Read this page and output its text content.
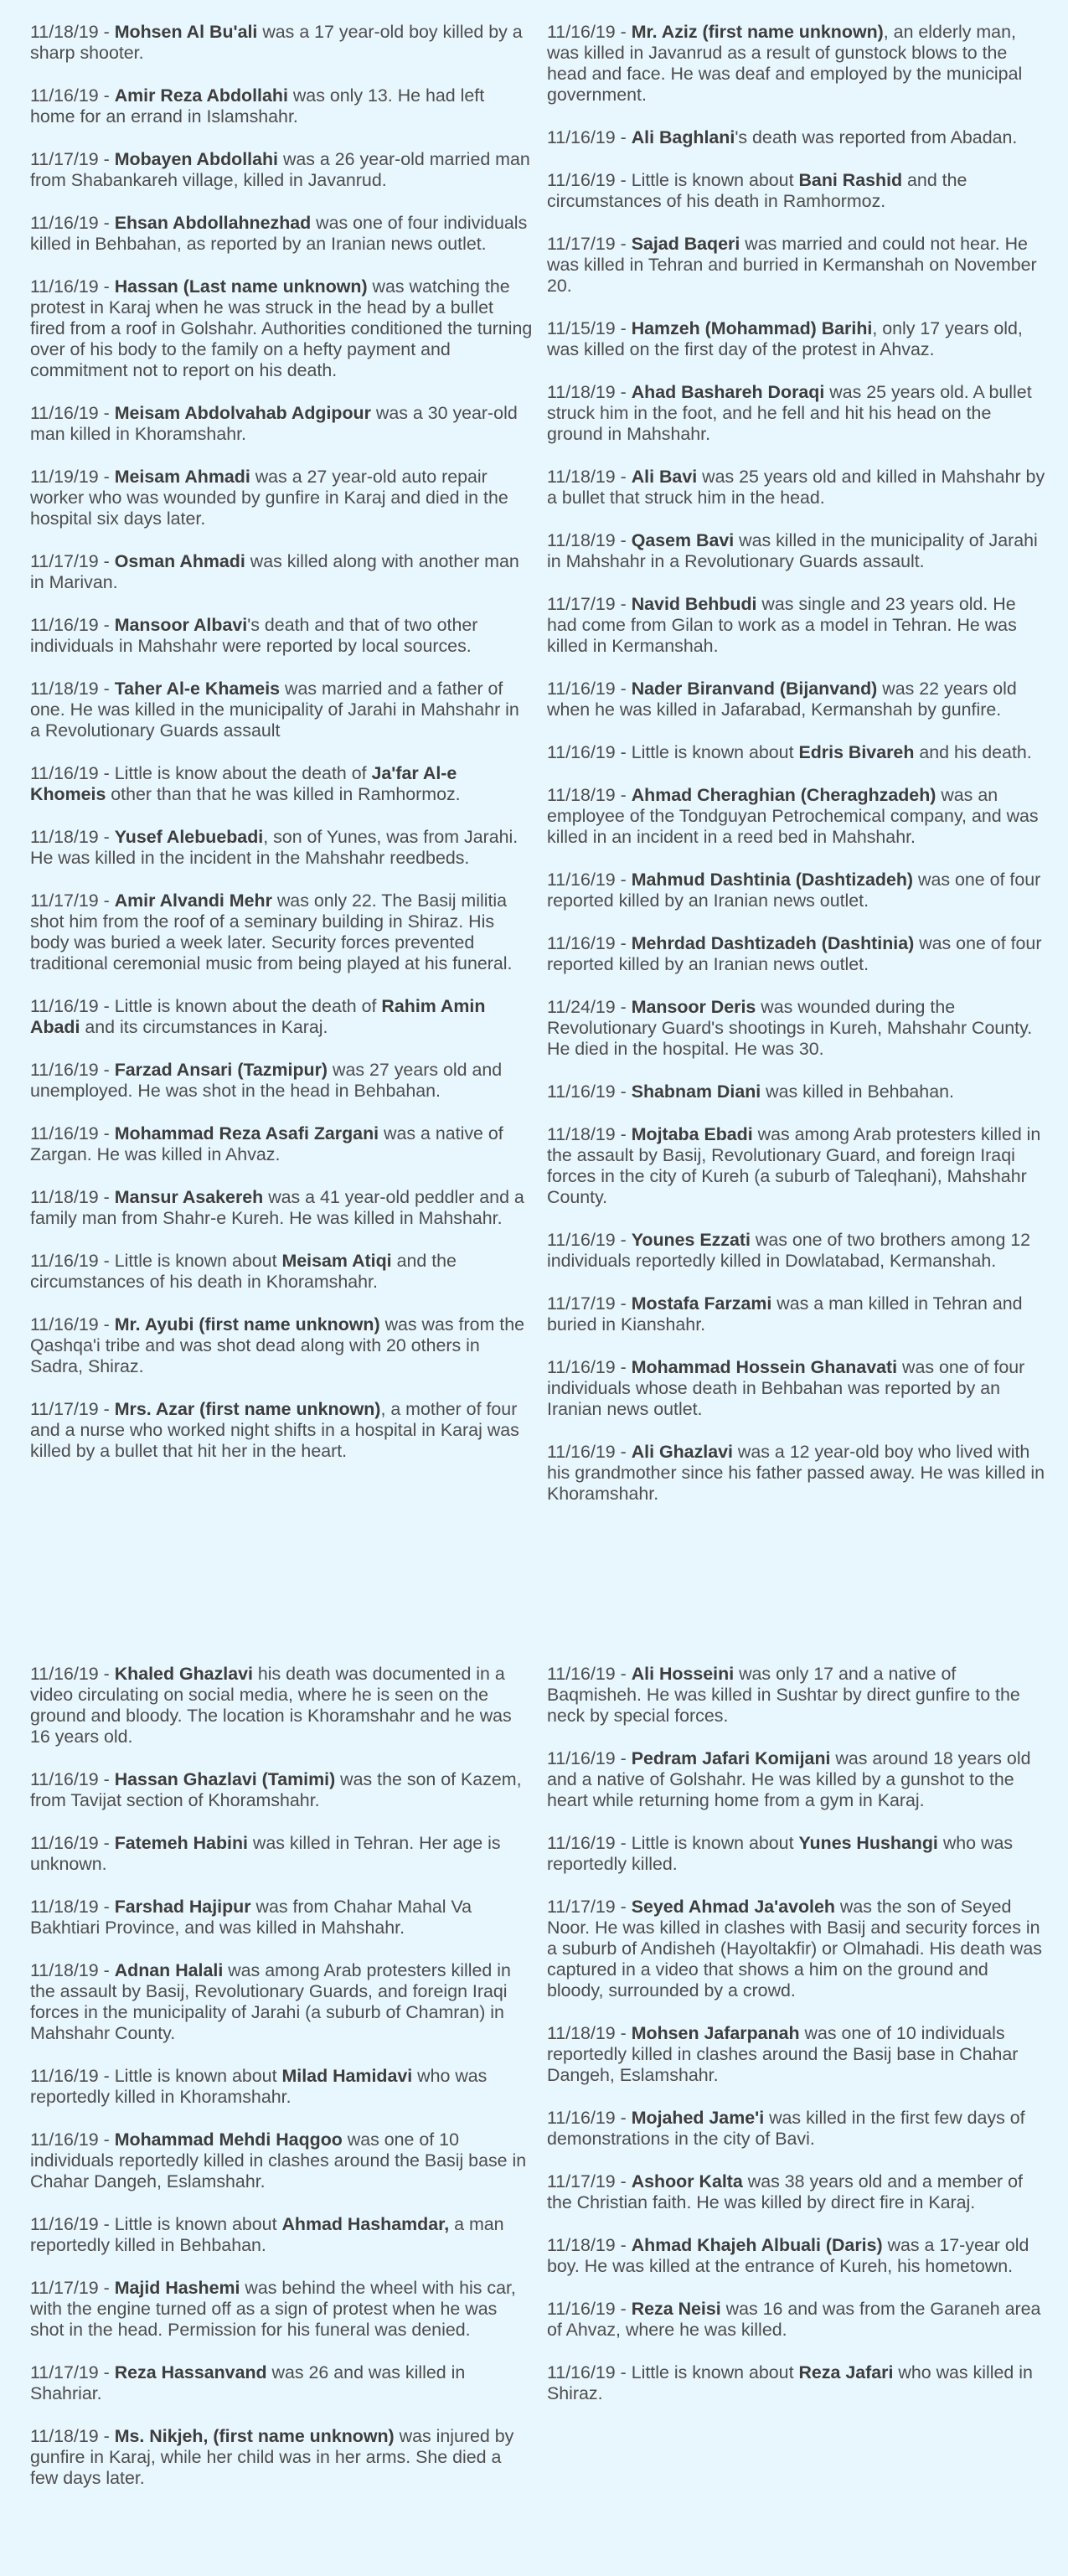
11/18/19 - Mohsen Al Bu'ali was a 17 year-old boy killed by a sharp shooter.

11/16/19 - Amir Reza Abdollahi was only 13. He had left home for an errand in Islamshahr.

11/17/19 - Mobayen Abdollahi was a 26 year-old married man from Shabankareh village, killed in Javanrud.

11/16/19 - Ehsan Abdollahnezhad was one of four individuals killed in Behbahan, as reported by an Iranian news outlet.

11/16/19 - Hassan (Last name unknown) was watching the protest in Karaj when he was struck in the head by a bullet fired from a roof in Golshahr. Authorities conditioned the turning over of his body to the family on a hefty payment and commitment not to report on his death.

11/16/19 - Meisam Abdolvahab Adgipour was a 30 year-old man killed in Khoramshahr.

11/19/19 - Meisam Ahmadi was a 27 year-old auto repair worker who was wounded by gunfire in Karaj and died in the hospital six days later.

11/17/19 - Osman Ahmadi was killed along with another man in Marivan.

11/16/19 - Mansoor Albavi's death and that of two other individuals in Mahshahr were reported by local sources.

11/18/19 - Taher Al-e Khameis was married and a father of one. He was killed in the municipality of Jarahi in Mahshahr in a Revolutionary Guards assault

11/16/19 - Little is know about the death of Ja'far Al-e Khomeis other than that he was killed in Ramhormoz.

11/18/19 - Yusef Alebuebadi, son of Yunes, was from Jarahi. He was killed in the incident in the Mahshahr reedbeds.

11/17/19 - Amir Alvandi Mehr was only 22. The Basij militia shot him from the roof of a seminary building in Shiraz. His body was buried a week later. Security forces prevented traditional ceremonial music from being played at his funeral.

11/16/19 - Little is known about the death of Rahim Amin Abadi and its circumstances in Karaj.

11/16/19 - Farzad Ansari (Tazmipur) was 27 years old and unemployed. He was shot in the head in Behbahan.

11/16/19 - Mohammad Reza Asafi Zargani was a native of Zargan. He was killed in Ahvaz.

11/18/19 - Mansur Asakereh was a 41 year-old peddler and a family man from Shahr-e Kureh. He was killed in Mahshahr.

11/16/19 - Little is known about Meisam Atiqi and the circumstances of his death in Khoramshahr.

11/16/19 - Mr. Ayubi (first name unknown) was was from the Qashqa'i tribe and was shot dead along with 20 others in Sadra, Shiraz.

11/17/19 - Mrs. Azar (first name unknown), a mother of four and a nurse who worked night shifts in a hospital in Karaj was killed by a bullet that hit her in the heart.

11/16/19 - Mr. Aziz (first name unknown), an elderly man, was killed in Javanrud as a result of gunstock blows to the head and face. He was deaf and employed by the municipal government.

11/16/19 - Ali Baghlani's death was reported from Abadan.

11/16/19 - Little is known about Bani Rashid and the circumstances of his death in Ramhormoz.

11/17/19 - Sajad Baqeri was married and could not hear. He was killed in Tehran and burried in Kermanshah on November 20.

11/15/19 - Hamzeh (Mohammad) Barihi, only 17 years old, was killed on the first day of the protest in Ahvaz.

11/18/19 - Ahad Bashareh Doraqi was 25 years old. A bullet struck him in the foot, and he fell and hit his head on the ground in Mahshahr.

11/18/19 - Ali Bavi was 25 years old and killed in Mahshahr by a bullet that struck him in the head.

11/18/19 - Qasem Bavi was killed in the municipality of Jarahi in Mahshahr in a Revolutionary Guards assault.

11/17/19 - Navid Behbudi was single and 23 years old. He had come from Gilan to work as a model in Tehran. He was killed in Kermanshah.

11/16/19 - Nader Biranvand (Bijanvand) was 22 years old when he was killed in Jafarabad, Kermanshah by gunfire.

11/16/19 - Little is known about Edris Bivareh and his death.

11/18/19 - Ahmad Cheraghian (Cheraghzadeh) was an employee of the Tondguyan Petrochemical company, and was killed in an incident in a reed bed in Mahshahr.

11/16/19 - Mahmud Dashtinia (Dashtizadeh) was one of four reported killed by an Iranian news outlet.

11/16/19 - Mehrdad Dashtizadeh (Dashtinia) was one of four reported killed by an Iranian news outlet.

11/24/19 - Mansoor Deris was wounded during the Revolutionary Guard's shootings in Kureh, Mahshahr County. He died in the hospital. He was 30.

11/16/19 - Shabnam Diani was killed in Behbahan.

11/18/19 - Mojtaba Ebadi was among Arab protesters killed in the assault by Basij, Revolutionary Guard, and foreign Iraqi forces in the city of Kureh (a suburb of Taleqhani), Mahshahr County.

11/16/19 - Younes Ezzati was one of two brothers among 12 individuals reportedly killed in Dowlatabad, Kermanshah.

11/17/19 - Mostafa Farzami was a man killed in Tehran and buried in Kianshahr.

11/16/19 - Mohammad Hossein Ghanavati was one of four individuals whose death in Behbahan was reported by an Iranian news outlet.

11/16/19 - Ali Ghazlavi was a 12 year-old boy who lived with his grandmother since his father passed away. He was killed in Khoramshahr.

11/16/19 - Khaled Ghazlavi his death was documented in a video circulating on social media, where he is seen on the ground and bloody. The location is Khoramshahr and he was 16 years old.

11/16/19 - Hassan Ghazlavi (Tamimi) was the son of Kazem, from Tavijat section of Khoramshahr.

11/16/19 - Fatemeh Habini was killed in Tehran. Her age is unknown.

11/18/19 - Farshad Hajipur was from Chahar Mahal Va Bakhtiari Province, and was killed in Mahshahr.

11/18/19 - Adnan Halali was among Arab protesters killed in the assault by Basij, Revolutionary Guards, and foreign Iraqi forces in the municipality of Jarahi (a suburb of Chamran) in Mahshahr County.

11/16/19 - Little is known about Milad Hamidavi who was reportedly killed in Khoramshahr.

11/16/19 - Mohammad Mehdi Haqgoo was one of 10 individuals reportedly killed in clashes around the Basij base in Chahar Dangeh, Eslamshahr.

11/16/19 - Little is known about Ahmad Hashamdar, a man reportedly killed in Behbahan.

11/17/19 - Majid Hashemi was behind the wheel with his car, with the engine turned off as a sign of protest when he was shot in the head. Permission for his funeral was denied.

11/17/19 - Reza Hassanvand was 26 and was killed in Shahriar.

11/18/19 - Ms. Nikjeh, (first name unknown) was injured by gunfire in Karaj, while her child was in her arms. She died a few days later.

11/16/19 - Ali Hosseini was only 17 and a native of Baqmisheh. He was killed in Sushtar by direct gunfire to the neck by special forces.

11/16/19 - Pedram Jafari Komijani was around 18 years old and a native of Golshahr. He was killed by a gunshot to the heart while returning home from a gym in Karaj.

11/16/19 - Little is known about Yunes Hushangi who was reportedly killed.

11/17/19 - Seyed Ahmad Ja'avoleh was the son of Seyed Noor. He was killed in clashes with Basij and security forces in a suburb of Andisheh (Hayoltakfir) or Olmahadi. His death was captured in a video that shows a him on the ground and bloody, surrounded by a crowd.

11/18/19 - Mohsen Jafarpanah was one of 10 individuals reportedly killed in clashes around the Basij base in Chahar Dangeh, Eslamshahr.

11/16/19 - Mojahed Jame'i was killed in the first few days of demonstrations in the city of Bavi.

11/17/19 - Ashoor Kalta was 38 years old and a member of the Christian faith. He was killed by direct fire in Karaj.

11/18/19 - Ahmad Khajeh Albuali (Daris) was a 17-year old boy. He was killed at the entrance of Kureh, his hometown.

11/16/19 - Reza Neisi was 16 and was from the Garaneh area of Ahvaz, where he was killed.

11/16/19 - Little is known about Reza Jafari who was killed in Shiraz.
